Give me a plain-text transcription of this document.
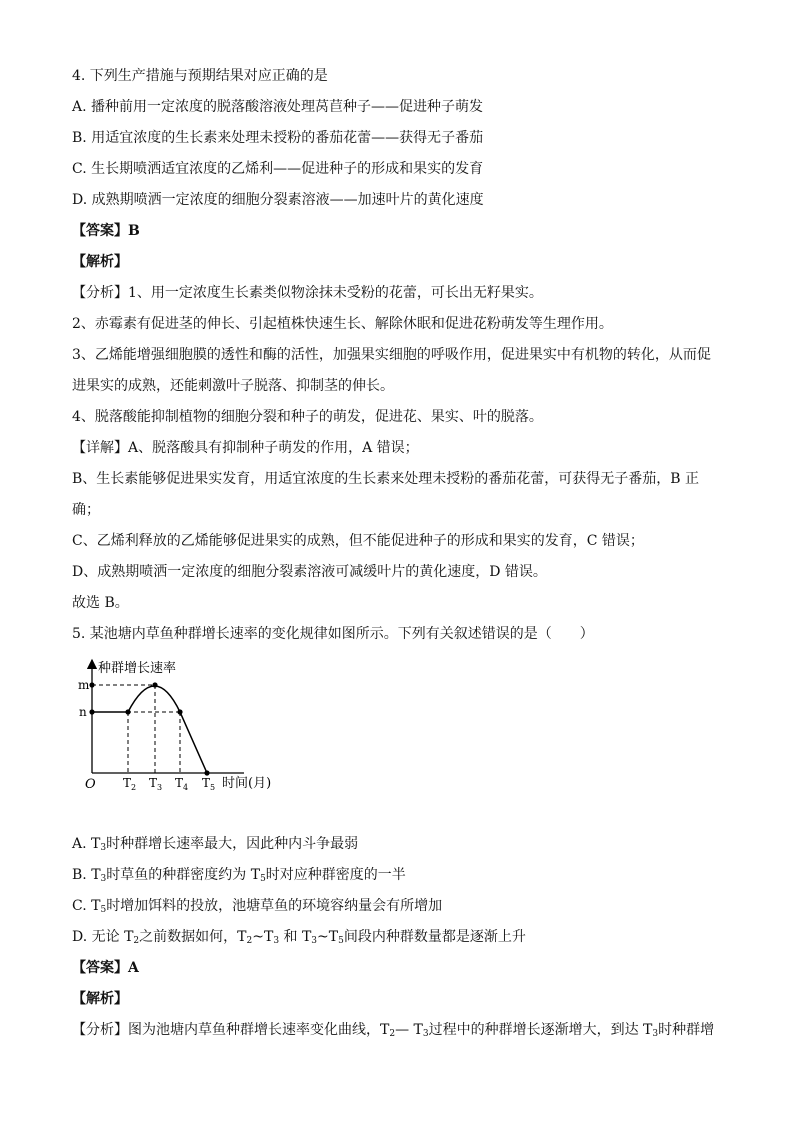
4. 下列生产措施与预期结果对应正确的是
A. 播种前用一定浓度的脱落酸溶液处理莴苣种子——促进种子萌发
B. 用适宜浓度的生长素来处理未授粉的番茄花蕾——获得无子番茄
C. 生长期喷洒适宜浓度的乙烯利——促进种子的形成和果实的发育
D. 成熟期喷洒一定浓度的细胞分裂素溶液——加速叶片的黄化速度
【答案】B
【解析】
【分析】1、用一定浓度生长素类似物涂抹未受粉的花蕾，可长出无籽果实。
2、赤霉素有促进茎的伸长、引起植株快速生长、解除休眠和促进花粉萌发等生理作用。
3、乙烯能增强细胞膜的透性和酶的活性，加强果实细胞的呼吸作用，促进果实中有机物的转化，从而促
进果实的成熟，还能刺激叶子脱落、抑制茎的伸长。
4、脱落酸能抑制植物的细胞分裂和种子的萌发，促进花、果实、叶的脱落。
【详解】A、脱落酸具有抑制种子萌发的作用，A 错误；
B、生长素能够促进果实发育，用适宜浓度的生长素来处理未授粉的番茄花蕾，可获得无子番茄，B 正
确；
C、乙烯利释放的乙烯能够促进果实的成熟，但不能促进种子的形成和果实的发育，C 错误；
D、成熟期喷洒一定浓度的细胞分裂素溶液可减缓叶片的黄化速度，D 错误。
故选 B。
5. 某池塘内草鱼种群增长速率的变化规律如图所示。下列有关叙述错误的是（　　）
A. $T_3$时种群增长速率最大，因此种内斗争最弱
B. $T_3$时草鱼的种群密度约为 $T_5$时对应种群密度的一半
C. $T_5$时增加饵料的投放，池塘草鱼的环境容纳量会有所增加
D. 无论 $T_2$之前数据如何，$T_2\sim T_3$ 和 $T_3\sim T_5$间段内种群数量都是逐渐上升
【答案】A
【解析】
【分析】图为池塘内草鱼种群增长速率变化曲线，$T_2—$ $T_3$过程中的种群增长逐渐增大，到达 $T_3$时种群增
种群增长速率
m
n
O $T_2$ $T_3$ $T_4$ $T_5$ 时间(月)
